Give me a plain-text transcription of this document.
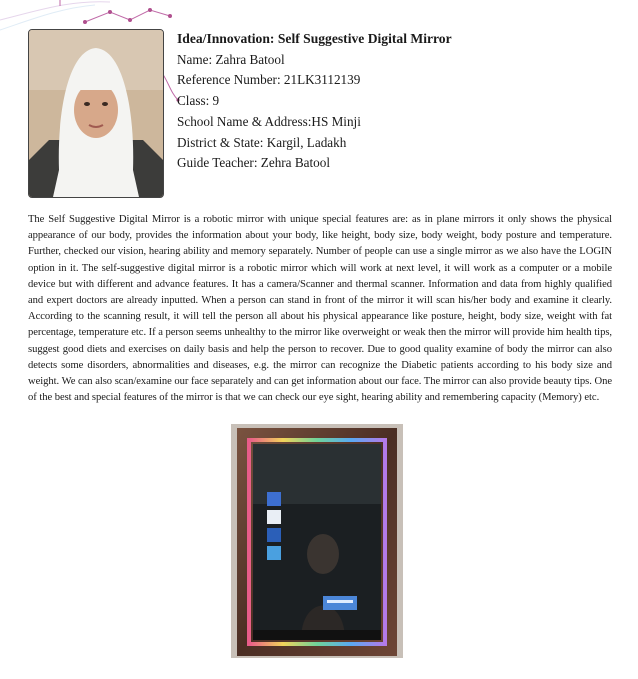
Idea/Innovation: Self Suggestive Digital Mirror
Name: Zahra Batool
Reference Number: 21LK3112139
Class: 9
School Name & Address:HS Minji
District & State: Kargil, Ladakh
Guide Teacher: Zehra Batool
The Self Suggestive Digital Mirror is a robotic mirror with unique special features are: as in plane mirrors it only shows the physical appearance of our body, provides the information about your body, like height, body size, body weight, body posture and temperature. Further, checked our vision, hearing ability and memory separately. Number of people can use a single mirror as we also have the LOGIN option in it. The self-suggestive digital mirror is a robotic mirror which will work at next level, it will work as a computer or a mobile device but with different and advance features. It has a camera/Scanner and thermal scanner. Information and data from highly qualified and expert doctors are already inputted. When a person can stand in front of the mirror it will scan his/her body and examine it clearly. According to the scanning result, it will tell the person all about his physical appearance like posture, height, body size, weight with fat percentage, temperature etc. If a person seems unhealthy to the mirror like overweight or weak then the mirror will provide him health tips, suggest good diets and exercises on daily basis and help the person to recover. Due to good quality examine of body the mirror can also detects some disorders, abnormalities and diseases, e.g. the mirror can recognize the Diabetic patients according to his body size and weight. We can also scan/examine our face separately and can get information about our face. The mirror can also provide beauty tips. One of the best and special features of the mirror is that we can check our eye sight, hearing ability and remembering capacity (Memory) etc.
